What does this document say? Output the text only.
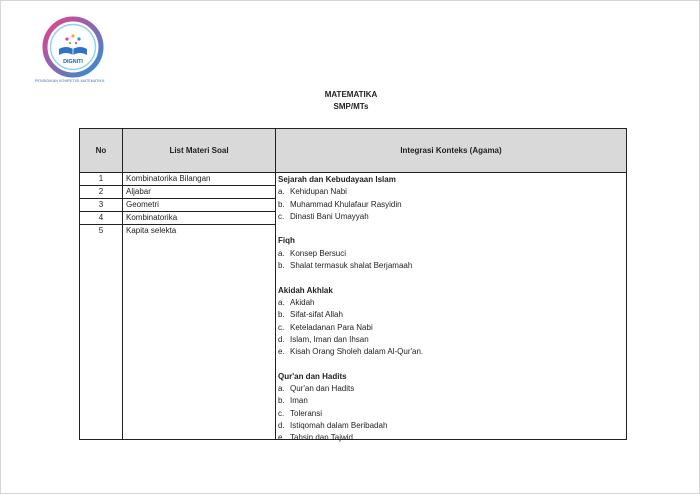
DIGNITI
PENDIDIKAN KOMPETISI MATEMATIKA
MATEMATIKA
SMP/MTs
No	List Materi Soal	Integrasi Konteks (Agama)
1	Kombinatorika Bilangan
2	Aljabar
3	Geometri
4	Kombinatorika
5	Kapita selekta
Sejarah dan Kebudayaan Islam
a. Kehidupan Nabi
b. Muhammad Khulafaur Rasyidin
c. Dinasti Bani Umayyah
Fiqh
a. Konsep Bersuci
b. Shalat termasuk shalat Berjamaah
Akidah Akhlak
a. Akidah
b. Sifat-sifat Allah
c. Keteladanan Para Nabi
d. Islam, Iman dan Ihsan
e. Kisah Orang Sholeh dalam Al-Qur'an.
Qur'an dan Hadits
a. Qur'an dan Hadits
b. Iman
c. Toleransi
d. Istiqomah dalam Beribadah
e. Tahsin dan Tajwid
